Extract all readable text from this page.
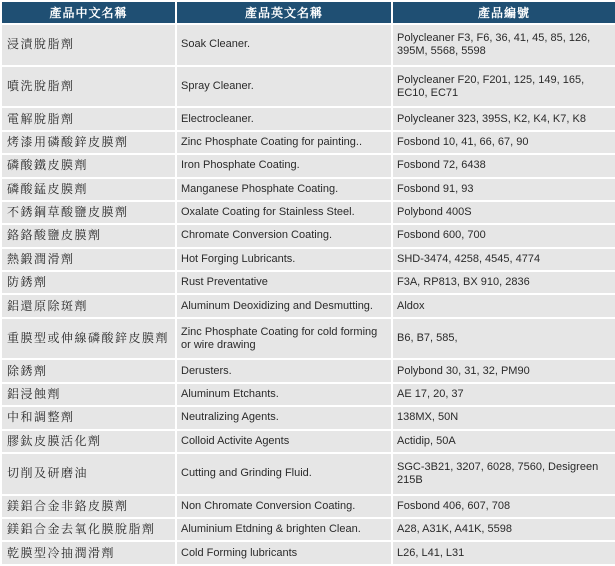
產品中文名稱	產品英文名稱	產品編號
浸漬脫脂劑	Soak Cleaner.	Polycleaner F3, F6, 36, 41, 45, 85, 126, 395M, 5568, 5598
噴洗脫脂劑	Spray Cleaner.	Polycleaner F20, F201, 125, 149, 165, EC10, EC71
電解脫脂劑	Electrocleaner.	Polycleaner 323, 395S, K2, K4, K7, K8
烤漆用磷酸鋅皮膜劑	Zinc Phosphate Coating for painting..	Fosbond 10, 41, 66, 67, 90
磷酸鐵皮膜劑	Iron Phosphate Coating.	Fosbond 72, 6438
磷酸錳皮膜劑	Manganese Phosphate Coating.	Fosbond 91, 93
不銹鋼草酸鹽皮膜劑	Oxalate Coating for Stainless Steel.	Polybond 400S
鉻鉻酸鹽皮膜劑	Chromate Conversion Coating.	Fosbond 600, 700
熱鍛潤滑劑	Hot Forging Lubricants.	SHD-3474, 4258, 4545, 4774
防銹劑	Rust Preventative	F3A, RP813, BX 910, 2836
鋁還原除斑劑	Aluminum Deoxidizing and Desmutting.	Aldox
重膜型或伸線磷酸鋅皮膜劑	Zinc Phosphate Coating for cold forming or wire drawing	B6, B7, 585,
除銹劑	Derusters.	Polybond 30, 31, 32, PM90
鋁浸蝕劑	Aluminum Etchants.	AE 17, 20, 37
中和調整劑	Neutralizing Agents.	138MX, 50N
膠鈦皮膜活化劑	Colloid Activite Agents	Actidip, 50A
切削及研磨油	Cutting and Grinding Fluid.	SGC-3B21, 3207, 6028, 7560, Desigreen 215B
鎂鋁合金非鉻皮膜劑	Non Chromate Conversion Coating.	Fosbond 406, 607, 708
鎂鋁合金去氧化膜脫脂劑	Aluminium Etdning & brighten Clean.	A28, A31K, A41K, 5598
乾膜型冷抽潤滑劑	Cold Forming lubricants	L26, L41, L31
